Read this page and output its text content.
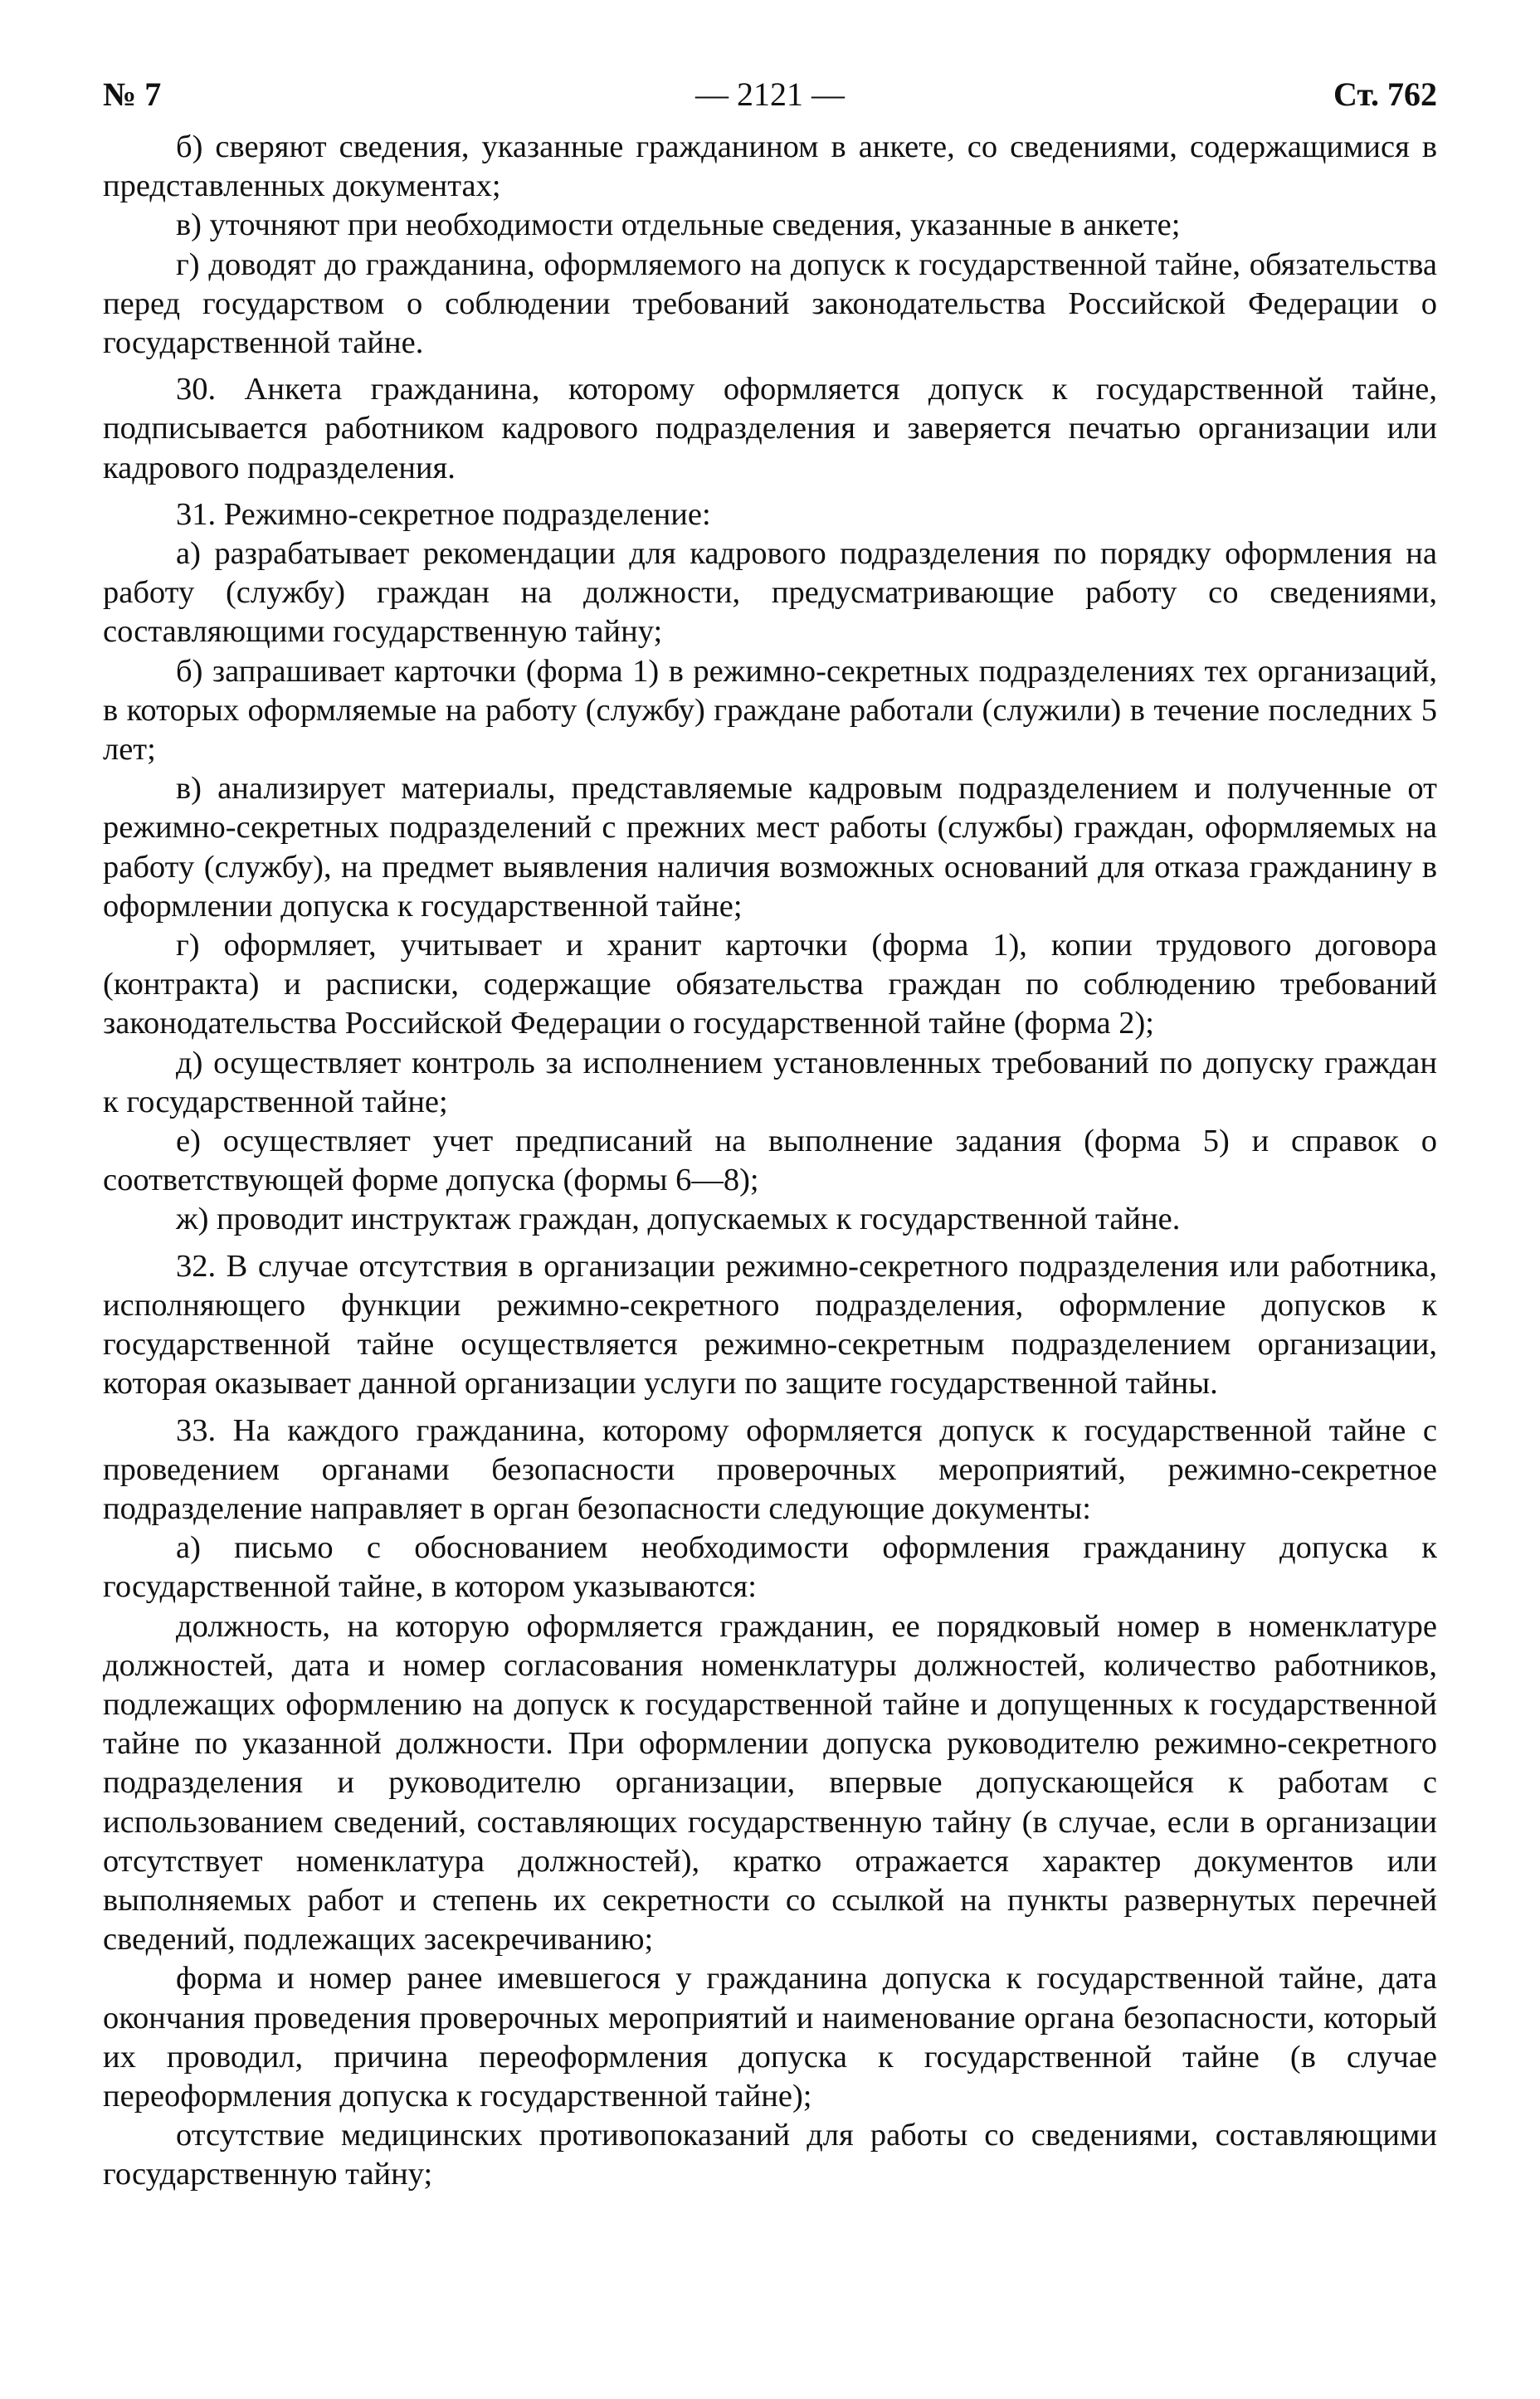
№ 7	— 2121 —	Ст. 762

б) сверяют сведения, указанные гражданином в анкете, со сведениями, содержащимися в представленных документах;

в) уточняют при необходимости отдельные сведения, указанные в анкете;

г) доводят до гражданина, оформляемого на допуск к государственной тайне, обязательства перед государством о соблюдении требований законодательства Российской Федерации о государственной тайне.

30. Анкета гражданина, которому оформляется допуск к государственной тайне, подписывается работником кадрового подразделения и заверяется печатью организации или кадрового подразделения.

31. Режимно-секретное подразделение:

а) разрабатывает рекомендации для кадрового подразделения по порядку оформления на работу (службу) граждан на должности, предусматривающие работу со сведениями, составляющими государственную тайну;

б) запрашивает карточки (форма 1) в режимно-секретных подразделениях тех организаций, в которых оформляемые на работу (службу) граждане работали (служили) в течение последних 5 лет;

в) анализирует материалы, представляемые кадровым подразделением и полученные от режимно-секретных подразделений с прежних мест работы (службы) граждан, оформляемых на работу (службу), на предмет выявления наличия возможных оснований для отказа гражданину в оформлении допуска к государственной тайне;

г) оформляет, учитывает и хранит карточки (форма 1), копии трудового договора (контракта) и расписки, содержащие обязательства граждан по соблюдению требований законодательства Российской Федерации о государственной тайне (форма 2);

д) осуществляет контроль за исполнением установленных требований по допуску граждан к государственной тайне;

е) осуществляет учет предписаний на выполнение задания (форма 5) и справок о соответствующей форме допуска (формы 6—8);

ж) проводит инструктаж граждан, допускаемых к государственной тайне.

32. В случае отсутствия в организации режимно-секретного подразделения или работника, исполняющего функции режимно-секретного подразделения, оформление допусков к государственной тайне осуществляется режимно-секретным подразделением организации, которая оказывает данной организации услуги по защите государственной тайны.

33. На каждого гражданина, которому оформляется допуск к государственной тайне с проведением органами безопасности проверочных мероприятий, режимно-секретное подразделение направляет в орган безопасности следующие документы:

а) письмо с обоснованием необходимости оформления гражданину допуска к государственной тайне, в котором указываются:

должность, на которую оформляется гражданин, ее порядковый номер в номенклатуре должностей, дата и номер согласования номенклатуры должностей, количество работников, подлежащих оформлению на допуск к государственной тайне и допущенных к государственной тайне по указанной должности. При оформлении допуска руководителю режимно-секретного подразделения и руководителю организации, впервые допускающейся к работам с использованием сведений, составляющих государственную тайну (в случае, если в организации отсутствует номенклатура должностей), кратко отражается характер документов или выполняемых работ и степень их секретности со ссылкой на пункты развернутых перечней сведений, подлежащих засекречиванию;

форма и номер ранее имевшегося у гражданина допуска к государственной тайне, дата окончания проведения проверочных мероприятий и наименование органа безопасности, который их проводил, причина переоформления допуска к государственной тайне (в случае переоформления допуска к государственной тайне);

отсутствие медицинских противопоказаний для работы со сведениями, составляющими государственную тайну;
